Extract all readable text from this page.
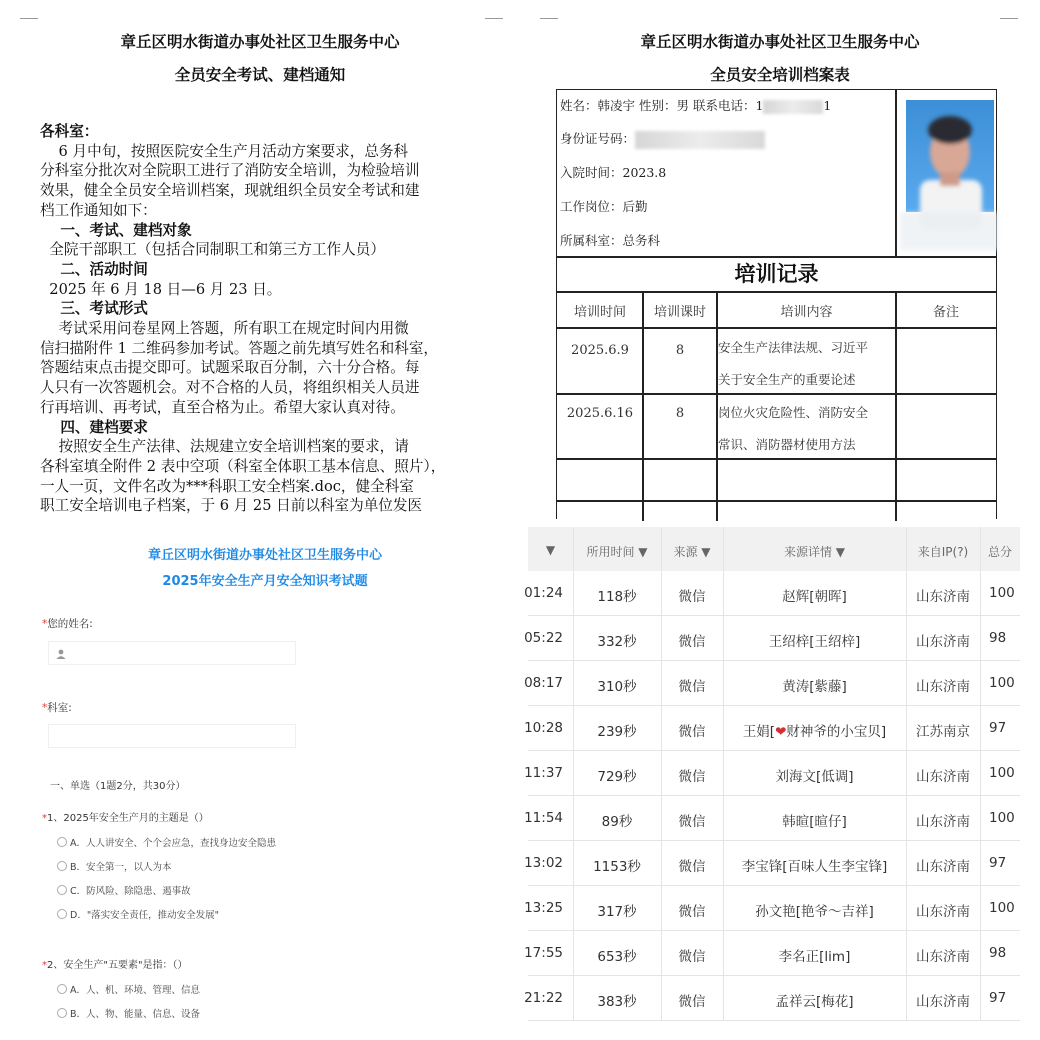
章丘区明水街道办事处社区卫生服务中心
全员安全考试、建档通知
各科室：
6 月中旬，按照医院安全生产月活动方案要求，总务科
分科室分批次对全院职工进行了消防安全培训，为检验培训
效果，健全全员安全培训档案，现就组织全员安全考试和建
档工作通知如下：
一、考试、建档对象
全院干部职工（包括合同制职工和第三方工作人员）
二、活动时间
2025 年 6 月 18 日—6 月 23 日。
三、考试形式
考试采用问卷星网上答题，所有职工在规定时间内用微
信扫描附件 1 二维码参加考试。答题之前先填写姓名和科室，
答题结束点击提交即可。试题采取百分制，六十分合格。每
人只有一次答题机会。对不合格的人员，将组织相关人员进
行再培训、再考试，直至合格为止。希望大家认真对待。
四、建档要求
按照安全生产法律、法规建立安全培训档案的要求，请
各科室填全附件 2 表中空项（科室全体职工基本信息、照片），
一人一页，文件名改为***科职工安全档案.doc，健全科室
职工安全培训电子档案，于 6 月 25 日前以科室为单位发医
章丘区明水街道办事处社区卫生服务中心
全员安全培训档案表
姓名：韩凌宇 性别：男 联系电话：1	1
身份证号码：
入院时间：2023.8
工作岗位：后勤
所属科室：总务科
培训记录
培训时间	培训课时	培训内容	备注
2025.6.9	8	安全生产法律法规、习近平
关于安全生产的重要论述
2025.6.16	8	岗位火灾危险性、消防安全
常识、消防器材使用方法
章丘区明水街道办事处社区卫生服务中心
2025年安全生产月安全知识考试题
*您的姓名:
*科室:
一、单选（1题2分，共30分）
*1、2025年安全生产月的主题是（）
A．人人讲安全、个个会应急，查找身边安全隐患
B．安全第一，以人为本
C．防风险、除隐患、遏事故
D．"落实安全责任，推动安全发展"
*2、安全生产"五要素"是指：（）
A．人、机、环境、管理、信息
B．人、物、能量、信息、设备
▼	所用时间 ▼	来源 ▼	来源详情 ▼	来自IP(?)	总分
01:24	118秒	微信	赵辉[朝晖]	山东济南	100
05:22	332秒	微信	王绍梓[王绍梓]	山东济南	98
08:17	310秒	微信	黄涛[紫藤]	山东济南	100
10:28	239秒	微信	王娟[❤财神爷的小宝贝]	江苏南京	97
11:37	729秒	微信	刘海文[低调]	山东济南	100
11:54	89秒	微信	韩暄[暄仔]	山东济南	100
13:02	1153秒	微信	李宝锋[百味人生李宝锋]	山东济南	97
13:25	317秒	微信	孙文艳[艳爷～吉祥]	山东济南	100
17:55	653秒	微信	李名正[lim]	山东济南	98
21:22	383秒	微信	孟祥云[梅花]	山东济南	97
